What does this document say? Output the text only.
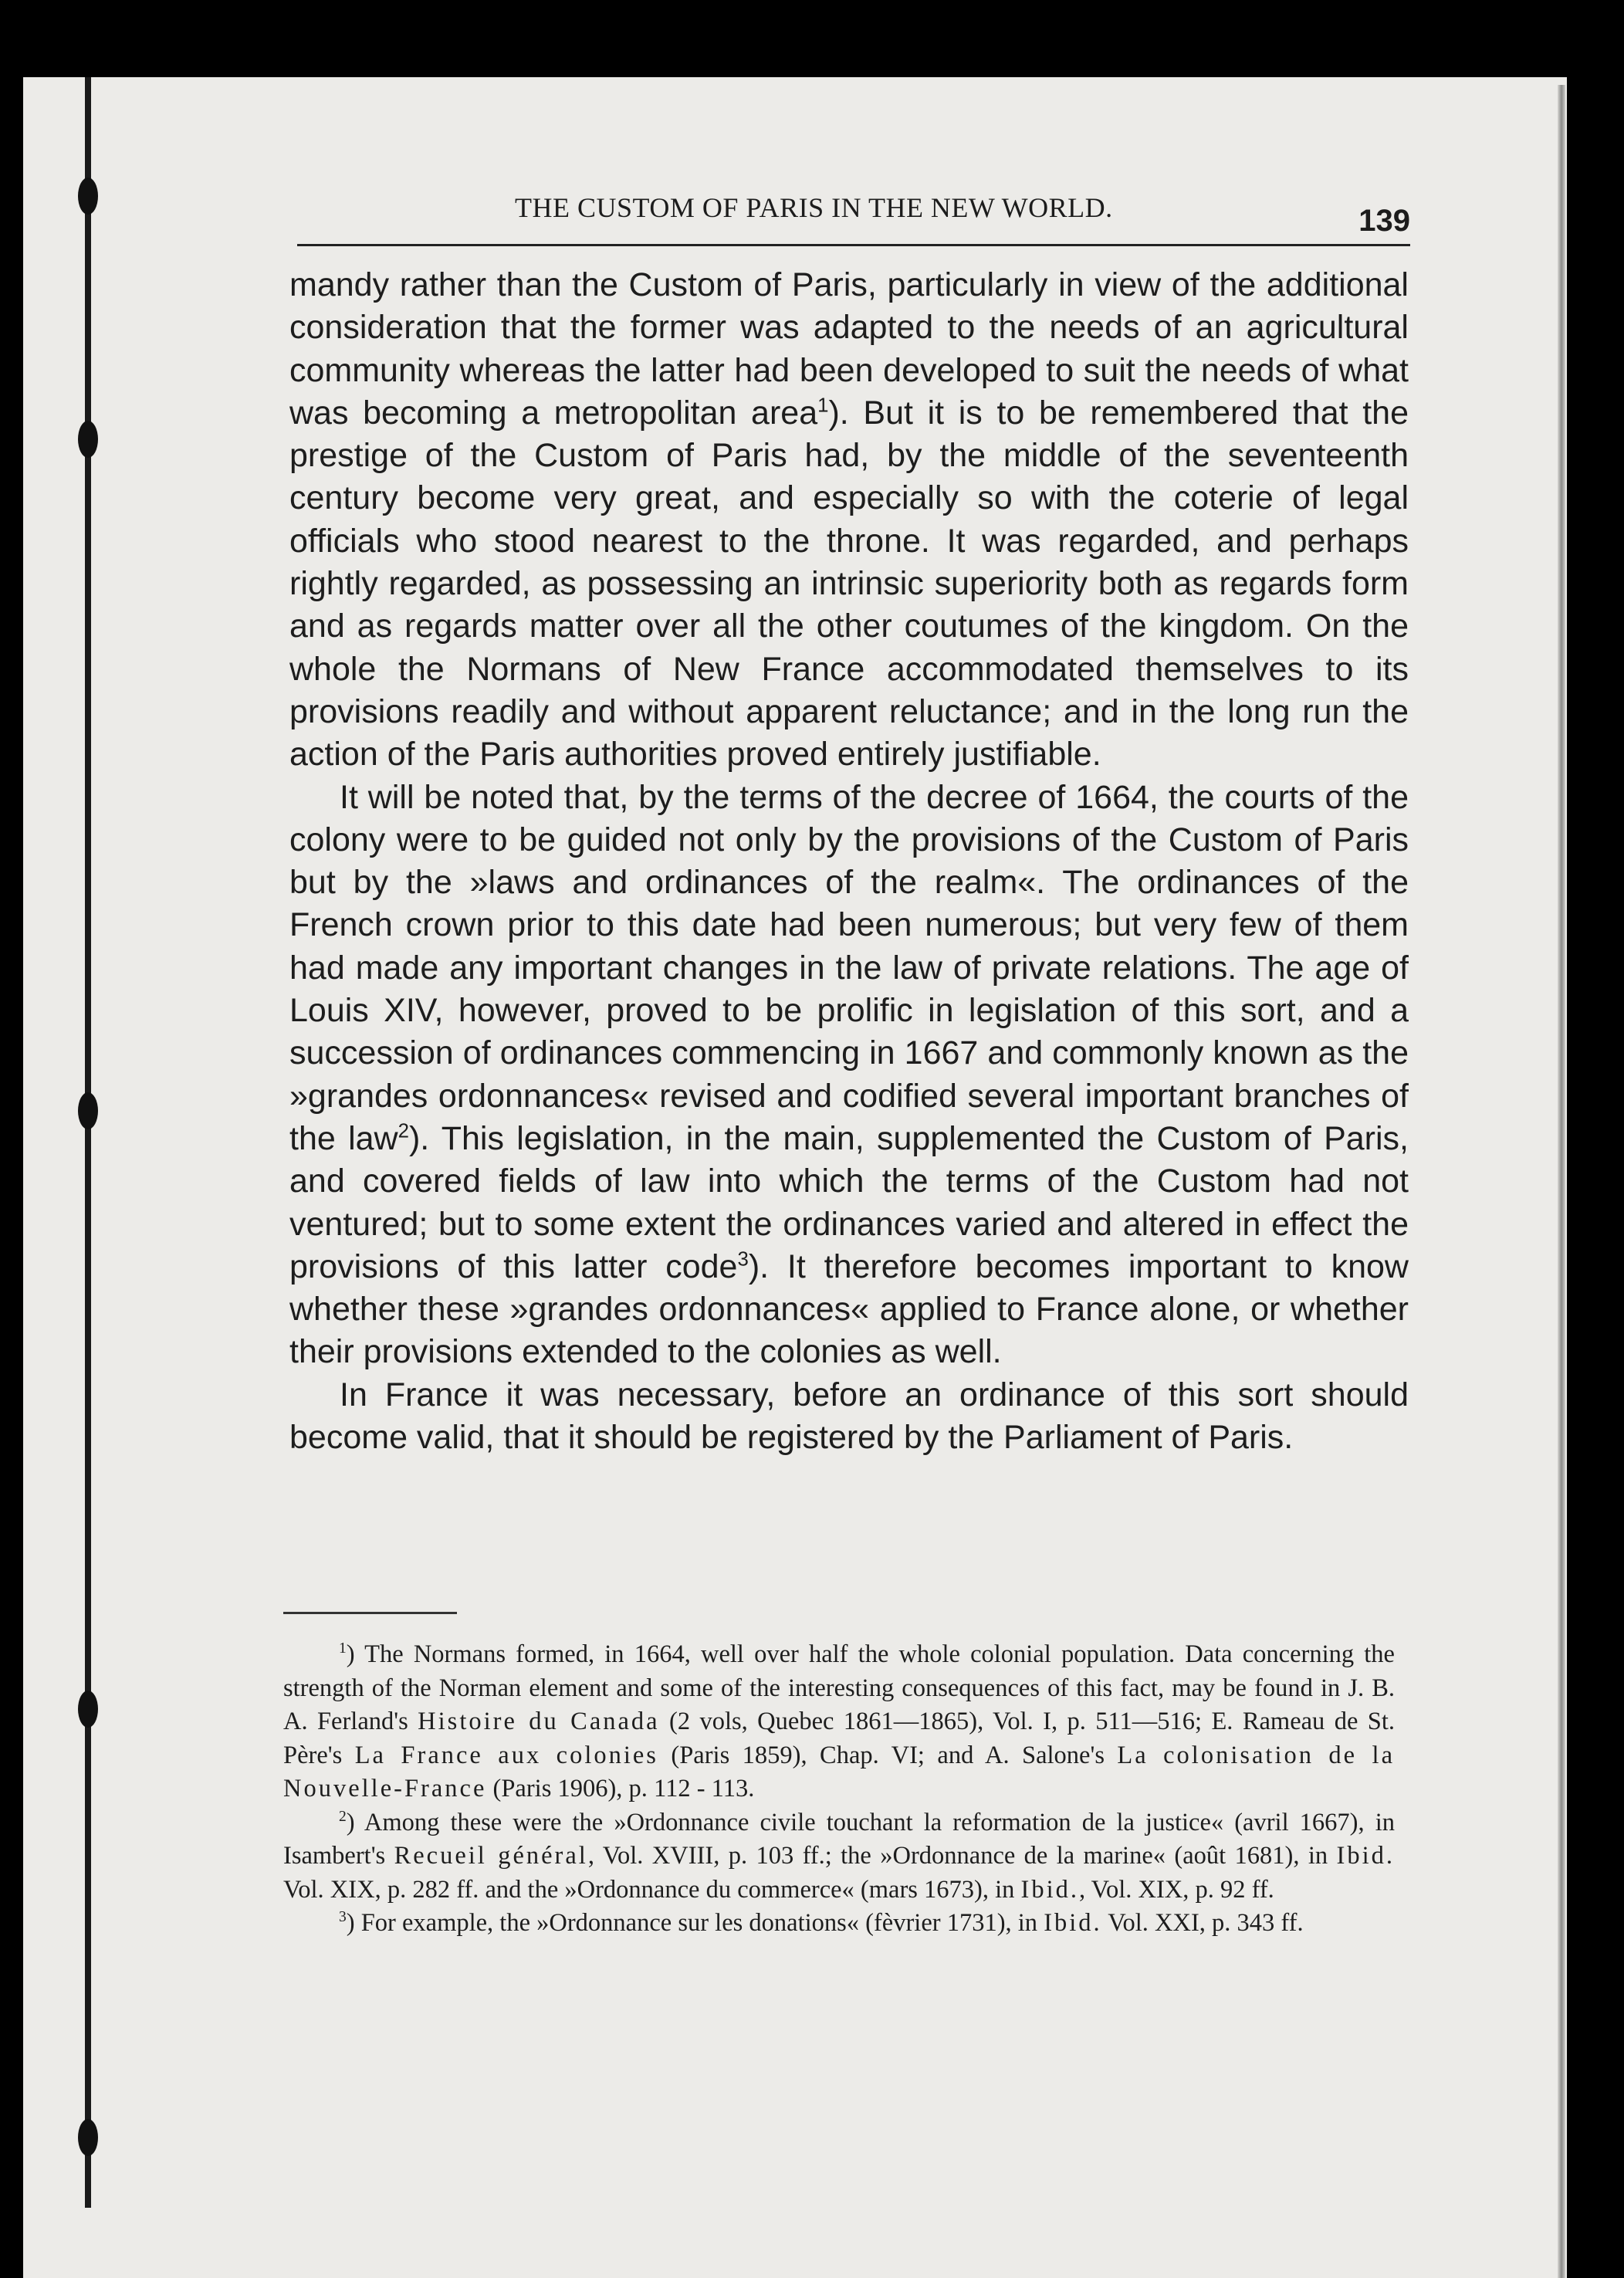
THE CUSTOM OF PARIS IN THE NEW WORLD.	139

mandy rather than the Custom of Paris, particularly in view of the additional consideration that the former was adapted to the needs of an agricultural community whereas the latter had been developed to suit the needs of what was becoming a metropolitan area$^1$). But it is to be remembered that the prestige of the Custom of Paris had, by the middle of the seventeenth century become very great, and especially so with the coterie of legal officials who stood nearest to the throne. It was regarded, and perhaps rightly regarded, as possessing an intrinsic superiority both as regards form and as regards matter over all the other coutumes of the kingdom. On the whole the Normans of New France accommodated themselves to its provisions readily and without apparent reluctance; and in the long run the action of the Paris authorities proved entirely justifiable.

It will be noted that, by the terms of the decree of 1664, the courts of the colony were to be guided not only by the provisions of the Custom of Paris but by the »laws and ordinances of the realm«. The ordinances of the French crown prior to this date had been numerous; but very few of them had made any important changes in the law of private relations. The age of Louis XIV, however, proved to be prolific in legislation of this sort, and a succession of ordinances commencing in 1667 and commonly known as the »grandes ordonnances« revised and codified several important branches of the law$^2$). This legislation, in the main, supplemented the Custom of Paris, and covered fields of law into which the terms of the Custom had not ventured; but to some extent the ordinances varied and altered in effect the provisions of this latter code$^3$). It therefore becomes important to know whether these »grandes ordonnances« applied to France alone, or whether their provisions extended to the colonies as well.

In France it was necessary, before an ordinance of this sort should become valid, that it should be registered by the Parliament of Paris.

$^1$) The Normans formed, in 1664, well over half the whole colonial population. Data concerning the strength of the Norman element and some of the interesting consequences of this fact, may be found in J. B. A. Ferland's Histoire du Canada (2 vols, Quebec 1861—1865), Vol. I, p. 511—516; E. Rameau de St. Père's La France aux colonies (Paris 1859), Chap. VI; and A. Salone's La colonisation de la Nouvelle-France (Paris 1906), p. 112 - 113.

$^2$) Among these were the »Ordonnance civile touchant la reformation de la justice« (avril 1667), in Isambert's Recueil général, Vol. XVIII, p. 103 ff.; the »Ordonnance de la marine« (août 1681), in Ibid. Vol. XIX, p. 282 ff. and the »Ordonnance du commerce« (mars 1673), in Ibid., Vol. XIX, p. 92 ff.

$^3$) For example, the »Ordonnance sur les donations« (fèvrier 1731), in Ibid. Vol. XXI, p. 343 ff.
